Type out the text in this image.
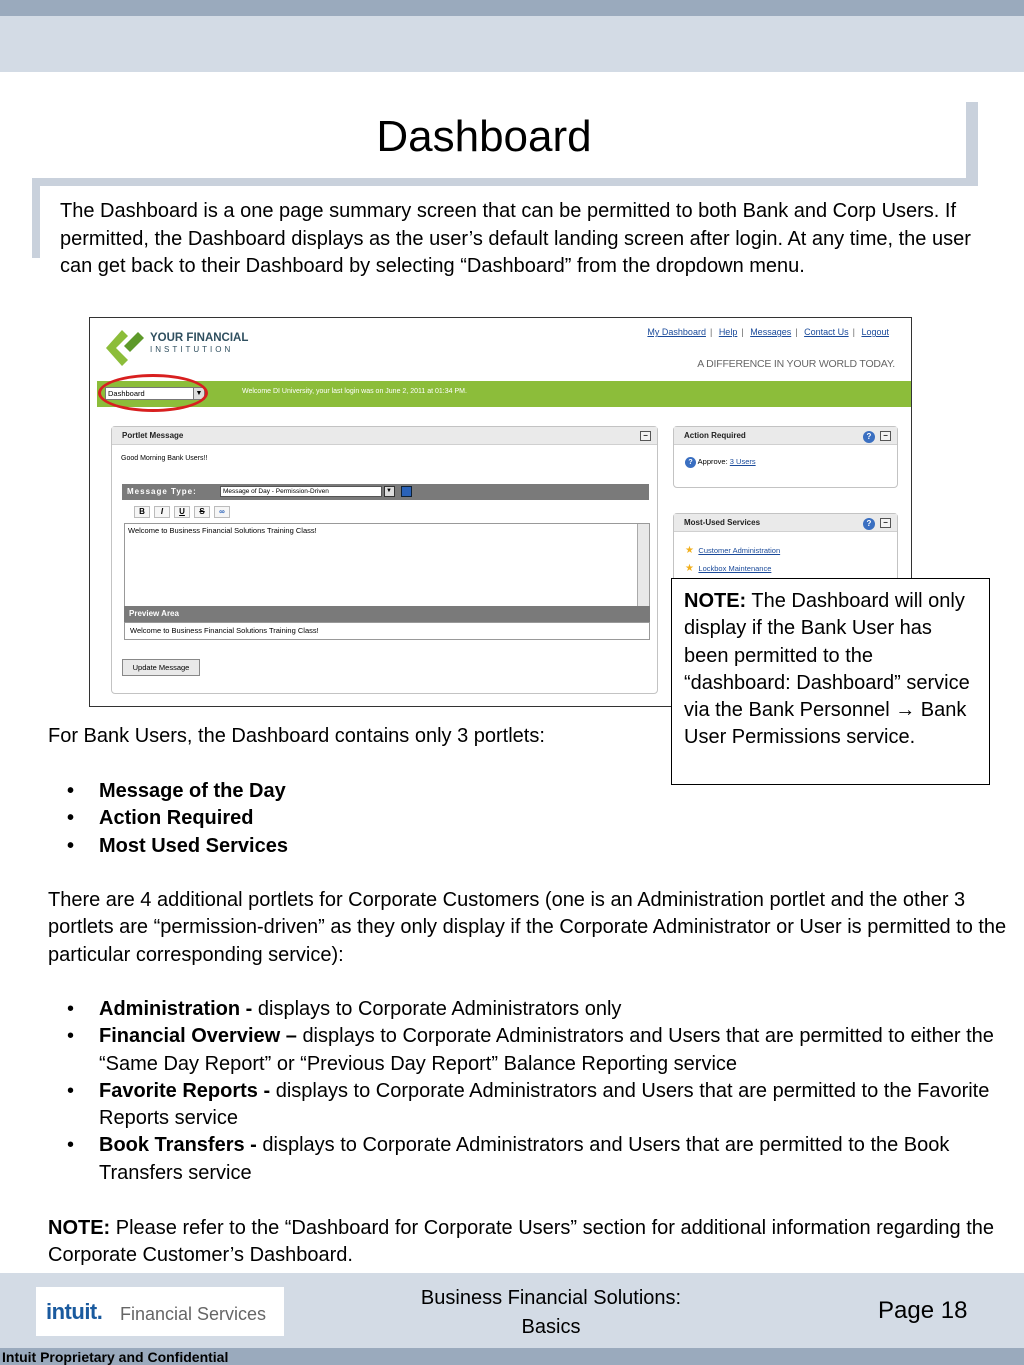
Dashboard

The Dashboard is a one page summary screen that can be permitted to both Bank and Corp Users. If permitted, the Dashboard displays as the user’s default landing screen after login. At any time, the user can get back to their Dashboard by selecting “Dashboard” from the dropdown menu.

YOUR FINANCIAL
INSTITUTION
My Dashboard | Help | Messages | Contact Us | Logout
A DIFFERENCE IN YOUR WORLD TODAY.
Dashboard	▼	Welcome DI University, your last login was on June 2, 2011 at 01:34 PM.
Portlet Message	−
Good Morning Bank Users!!
Message Type:	Message of Day - Permission-Driven	▼
B I U S ∞
Welcome to Business Financial Solutions Training Class!
Preview Area
Welcome to Business Financial Solutions Training Class!
Update Message
Action Required	?	−
? Approve: 3 Users
Most-Used Services	?	−
★ Customer Administration
★ Lockbox Maintenance
NOTE: The Dashboard will only display if the Bank User has been permitted to the “dashboard: Dashboard” service via the Bank Personnel → Bank User Permissions service.

For Bank Users, the Dashboard contains only 3 portlets:

• Message of the Day
• Action Required
• Most Used Services

There are 4 additional portlets for Corporate Customers (one is an Administration portlet and the other 3 portlets are “permission-driven” as they only display if the Corporate Administrator or User is permitted to the particular corresponding service):

• Administration - displays to Corporate Administrators only
• Financial Overview – displays to Corporate Administrators and Users that are permitted to either the “Same Day Report” or “Previous Day Report” Balance Reporting service
• Favorite Reports - displays to Corporate Administrators and Users that are permitted to the Favorite Reports service
• Book Transfers - displays to Corporate Administrators and Users that are permitted to the Book Transfers service

NOTE: Please refer to the “Dashboard for Corporate Users” section for additional information regarding the Corporate Customer’s Dashboard.

intuit. Financial Services
Business Financial Solutions:
Basics
Page 18
Intuit Proprietary and Confidential
